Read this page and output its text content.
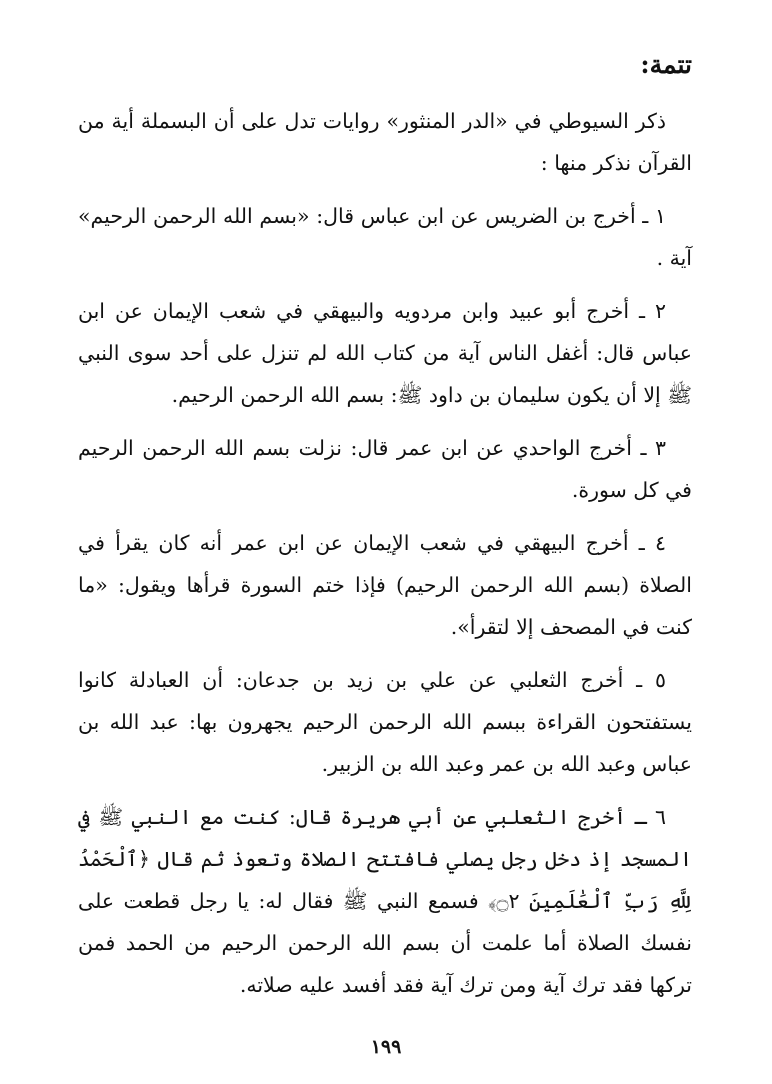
تتمة:

ذكر السيوطي في «الدر المنثور» روايات تدل على أن البسملة أية من القرآن نذكر منها :

١ ـ أخرج بن الضريس عن ابن عباس قال: «بسم الله الرحمن الرحيم» آية .

٢ ـ أخرج أبو عبيد وابن مردويه والبيهقي في شعب الإيمان عن ابن عباس قال: أغفل الناس آية من كتاب الله لم تنزل على أحد سوى النبي ﷺ إلا أن يكون سليمان بن داود ﷺ: بسم الله الرحمن الرحيم.

٣ ـ أخرج الواحدي عن ابن عمر قال: نزلت بسم الله الرحمن الرحيم في كل سورة.

٤ ـ أخرج البيهقي في شعب الإيمان عن ابن عمر أنه كان يقرأ في الصلاة (بسم الله الرحمن الرحيم) فإذا ختم السورة قرأها ويقول: «ما كنت في المصحف إلا لتقرأ».

٥ ـ أخرج الثعلبي عن علي بن زيد بن جدعان: أن العبادلة كانوا يستفتحون القراءة ببسم الله الرحمن الرحيم يجهرون بها: عبد الله بن عباس وعبد الله بن عمر وعبد الله بن الزبير.

٦ ـ أخرج الثعلبي عن أبي هريرة قال: كنت مع النبي ﷺ في المسجد إذ دخل رجل يصلي فافتتح الصلاة وتعوذ ثم قال ﴿ٱلْحَمْدُ لِلَّهِ رَبِّ ٱلْعَٰلَمِينَ ۝٢﴾ فسمع النبي ﷺ فقال له: يا رجل قطعت على نفسك الصلاة أما علمت أن بسم الله الرحمن الرحيم من الحمد فمن تركها فقد ترك آية ومن ترك آية فقد أفسد عليه صلاته.

١٩٩
